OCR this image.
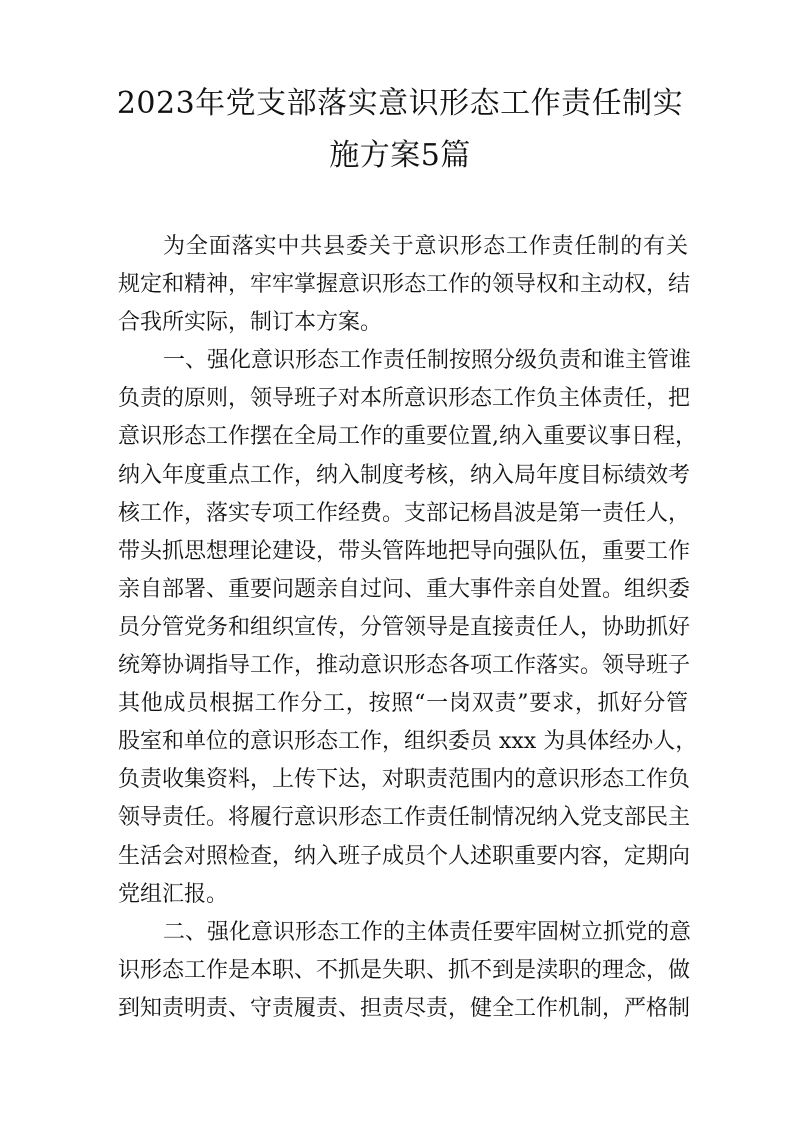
2023年党支部落实意识形态工作责任制实
施方案5篇
为全面落实中共县委关于意识形态工作责任制的有关
规定和精神，牢牢掌握意识形态工作的领导权和主动权，结
合我所实际，制订本方案。
一、强化意识形态工作责任制按照分级负责和谁主管谁
负责的原则，领导班子对本所意识形态工作负主体责任，把
意识形态工作摆在全局工作的重要位置,纳入重要议事日程，
纳入年度重点工作，纳入制度考核，纳入局年度目标绩效考
核工作，落实专项工作经费。支部记杨昌波是第一责任人，
带头抓思想理论建设，带头管阵地把导向强队伍，重要工作
亲自部署、重要问题亲自过问、重大事件亲自处置。组织委
员分管党务和组织宣传，分管领导是直接责任人，协助抓好
统筹协调指导工作，推动意识形态各项工作落实。领导班子
其他成员根据工作分工，按照“一岗双责”要求，抓好分管
股室和单位的意识形态工作，组织委员 xxx 为具体经办人，
负责收集资料，上传下达，对职责范围内的意识形态工作负
领导责任。将履行意识形态工作责任制情况纳入党支部民主
生活会对照检查，纳入班子成员个人述职重要内容，定期向
党组汇报。
二、强化意识形态工作的主体责任要牢固树立抓党的意
识形态工作是本职、不抓是失职、抓不到是渎职的理念，做
到知责明责、守责履责、担责尽责，健全工作机制，严格制
